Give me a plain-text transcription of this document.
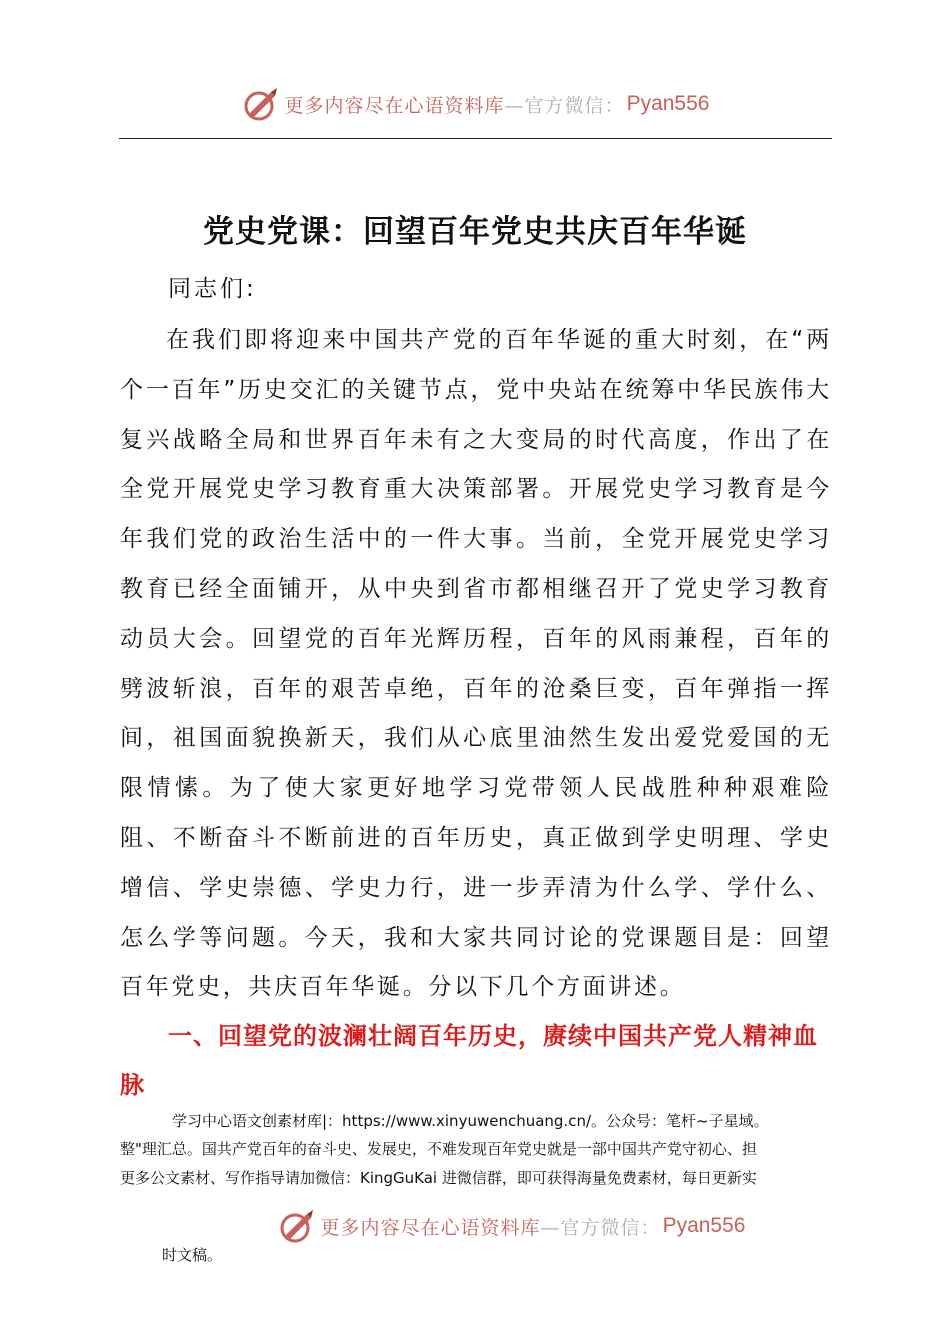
更多内容尽在心语资料库 —官方微信： Pyan556
党史党课：回望百年党史共庆百年华诞
同志们:

在我们即将迎来中国共产党的百年华诞的重大时刻，在“两个一百年”历史交汇的关键节点，党中央站在统筹中华民族伟大复兴战略全局和世界百年未有之大变局的时代高度，作出了在全党开展党史学习教育重大决策部署。开展党史学习教育是今年我们党的政治生活中的一件大事。当前，全党开展党史学习教育已经全面铺开，从中央到省市都相继召开了党史学习教育动员大会。回望党的百年光辉历程，百年的风雨兼程，百年的劈波斩浪，百年的艰苦卓绝，百年的沧桑巨变，百年弹指一挥间，祖国面貌换新天，我们从心底里油然生发出爱党爱国的无限情愫。为了使大家更好地学习党带领人民战胜种种艰难险阻、不断奋斗不断前进的百年历史，真正做到学史明理、学史增信、学史崇德、学史力行，进一步弄清为什么学、学什么、怎么学等问题。今天，我和大家共同讨论的党课题目是：回望百年党史，共庆百年华诞。分以下几个方面讲述。

一、回望党的波澜壮阔百年历史，赓续中国共产党人精神血脉

学习中心语文创素材库|：https://www.xinyuwenchuang.cn/。公众号：笔杆~子星域。

整"理汇总。国共产党百年的奋斗史、发展史，不难发现百年党史就是一部中国共产党守初心、担

更多公文素材、写作指导请加微信：KingGuKai 进微信群，即可获得海量免费素材，每日更新实

更多内容尽在心语资料库 —官方微信： Pyan556

时文稿。
